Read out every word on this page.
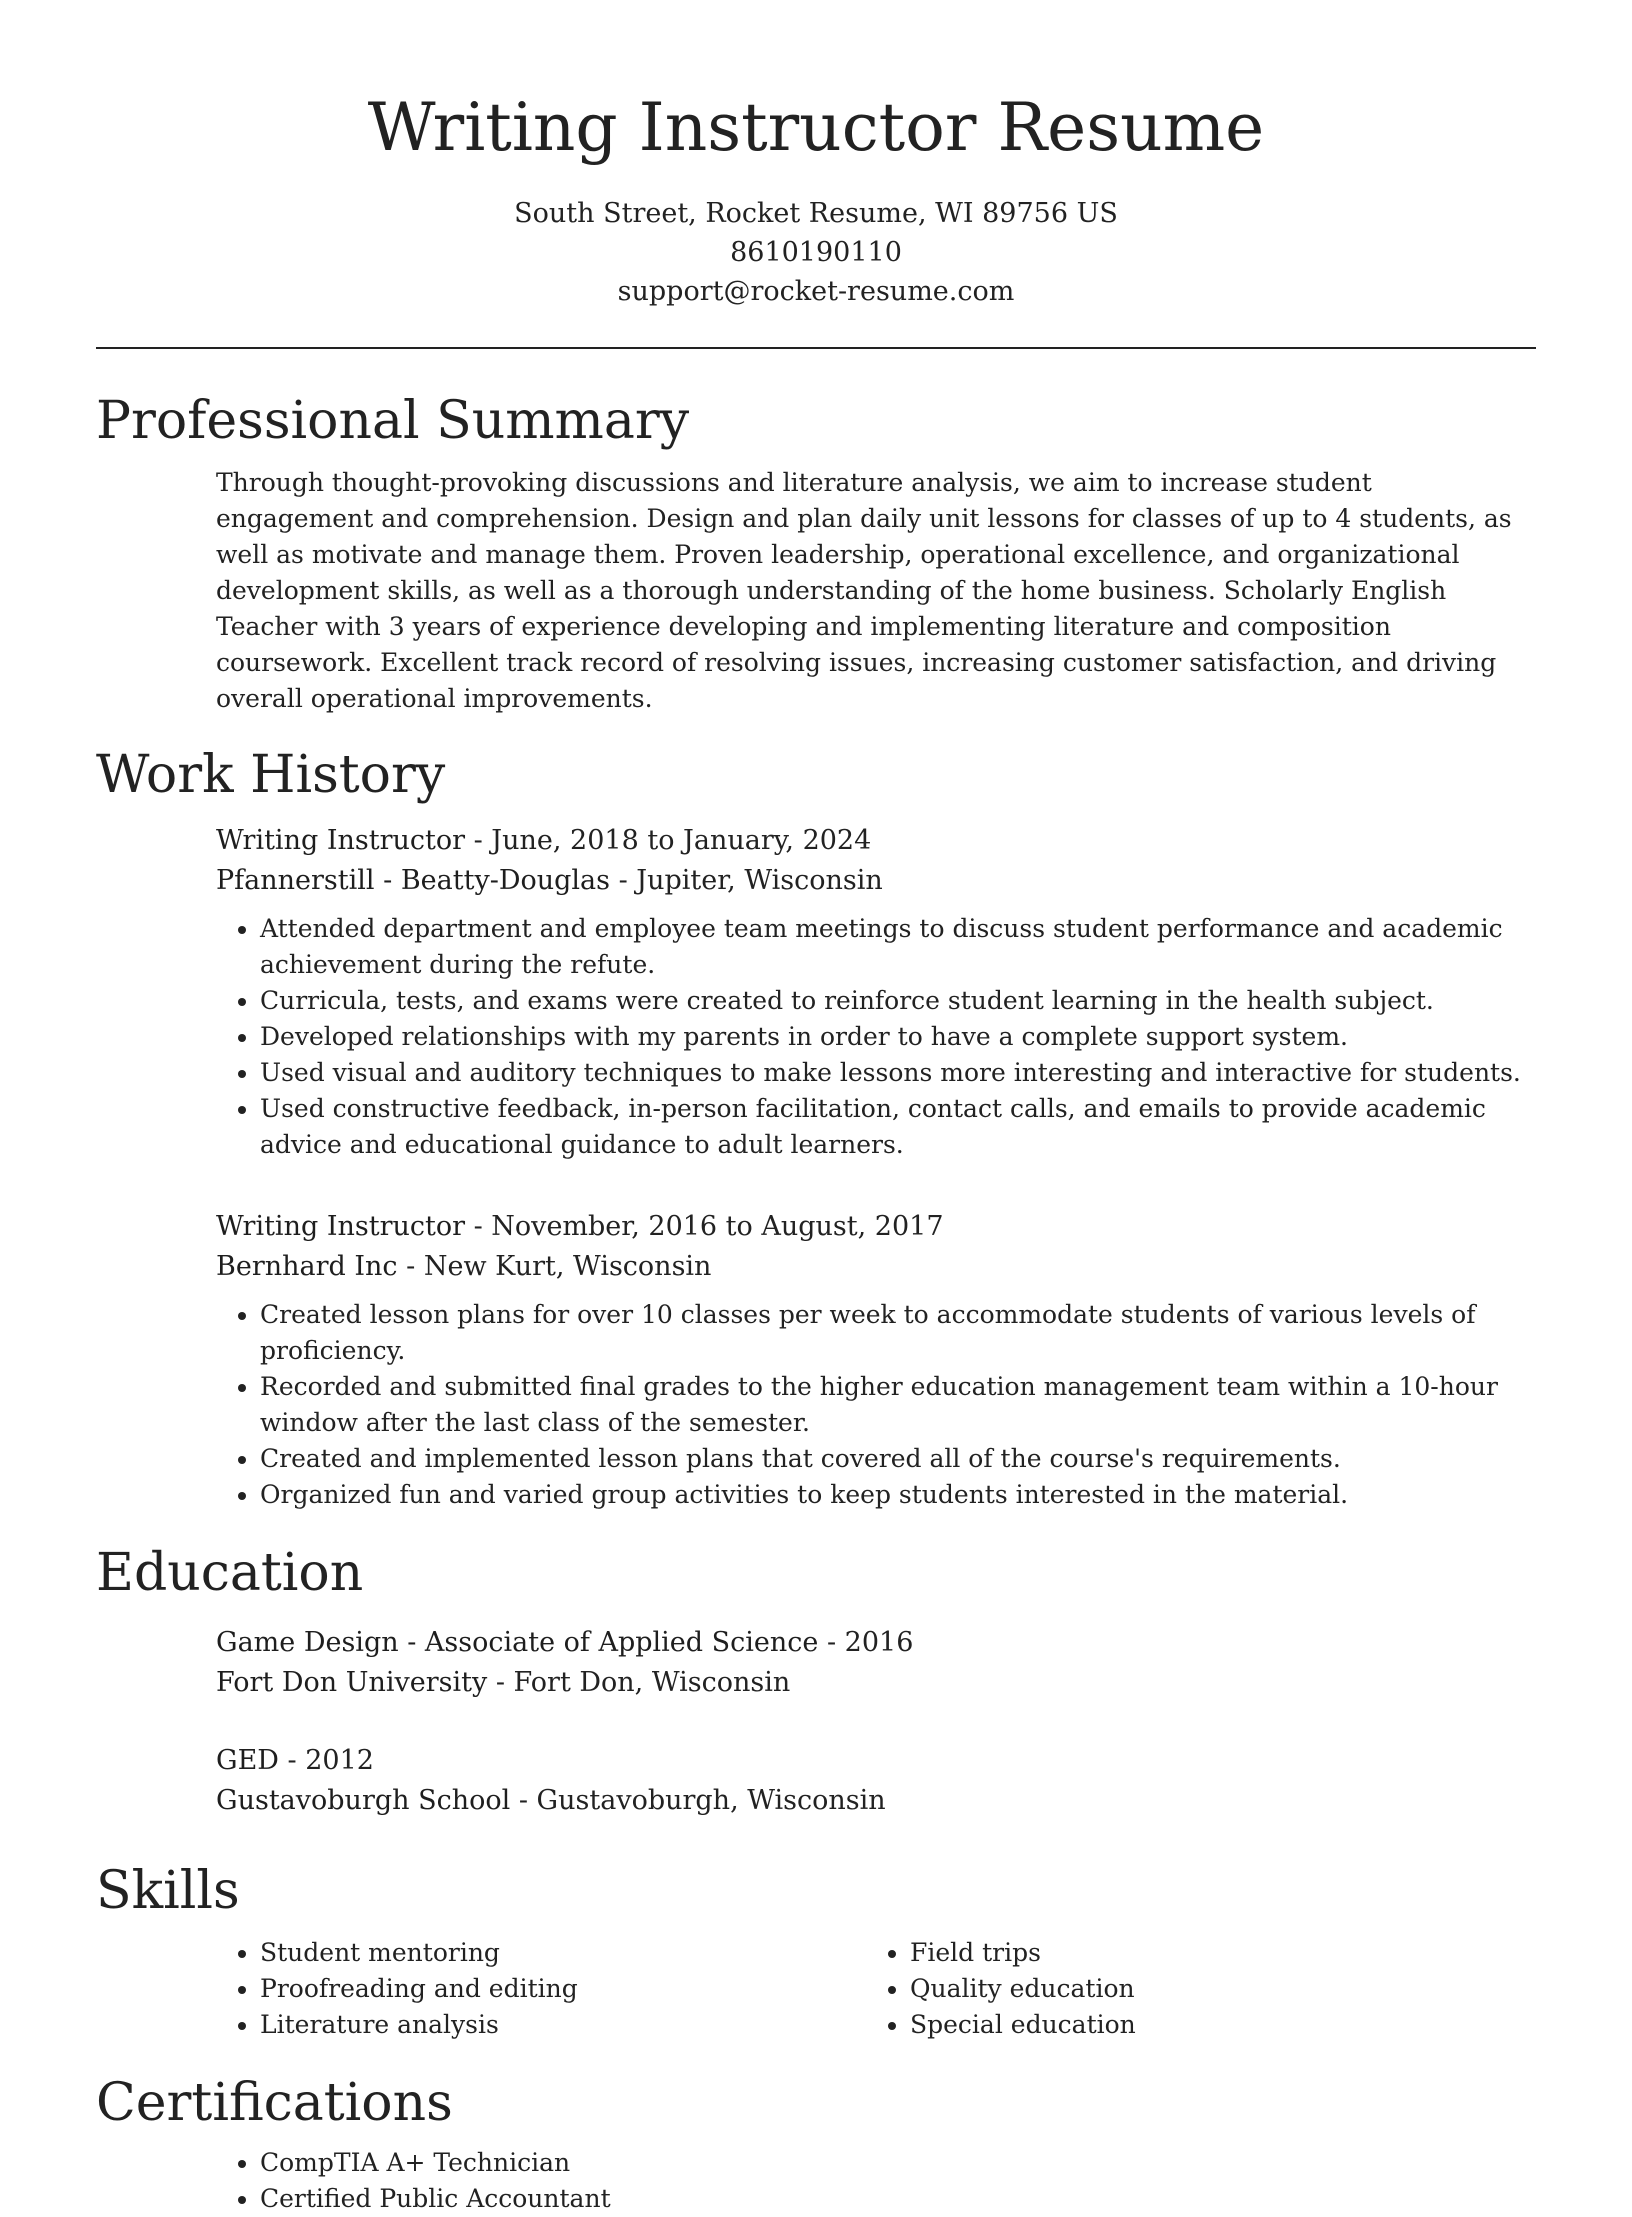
Writing Instructor Resume

South Street, Rocket Resume, WI 89756 US

8610190110

support@rocket-resume.com

Professional Summary

Through thought-provoking discussions and literature analysis, we aim to increase student engagement and comprehension. Design and plan daily unit lessons for classes of up to 4 students, as well as motivate and manage them. Proven leadership, operational excellence, and organizational development skills, as well as a thorough understanding of the home business. Scholarly English Teacher with 3 years of experience developing and implementing literature and composition coursework. Excellent track record of resolving issues, increasing customer satisfaction, and driving overall operational improvements.

Work History

Writing Instructor - June, 2018 to January, 2024

Pfannerstill - Beatty-Douglas - Jupiter, Wisconsin

• Attended department and employee team meetings to discuss student performance and academic achievement during the refute.
• Curricula, tests, and exams were created to reinforce student learning in the health subject.
• Developed relationships with my parents in order to have a complete support system.
• Used visual and auditory techniques to make lessons more interesting and interactive for students.
• Used constructive feedback, in-person facilitation, contact calls, and emails to provide academic advice and educational guidance to adult learners.

Writing Instructor - November, 2016 to August, 2017

Bernhard Inc - New Kurt, Wisconsin

• Created lesson plans for over 10 classes per week to accommodate students of various levels of proficiency.
• Recorded and submitted final grades to the higher education management team within a 10-hour window after the last class of the semester.
• Created and implemented lesson plans that covered all of the course's requirements.
• Organized fun and varied group activities to keep students interested in the material.
Education

Game Design - Associate of Applied Science - 2016

Fort Don University - Fort Don, Wisconsin

GED - 2012

Gustavoburgh School - Gustavoburgh, Wisconsin

Skills
• Student mentoring
• Proofreading and editing
• Literature analysis
• Field trips
• Quality education
• Special education
Certifications
• CompTIA A+ Technician
• Certified Public Accountant
